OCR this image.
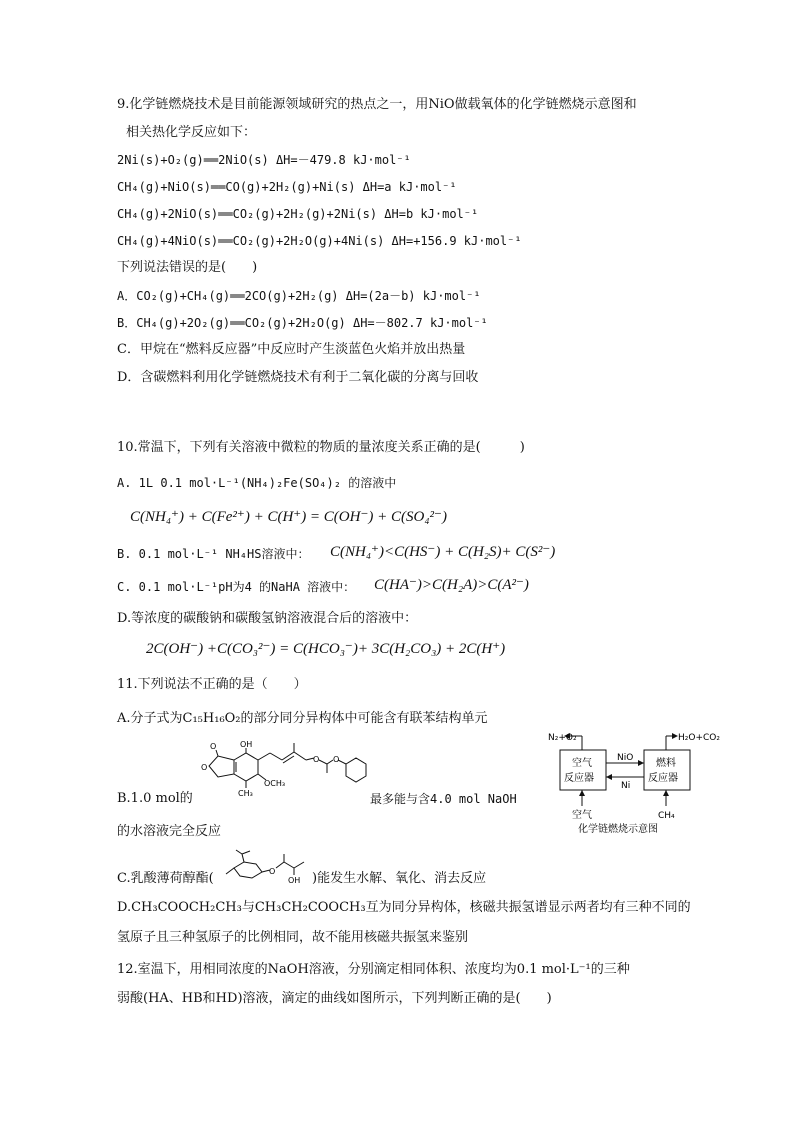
9.化学链燃烧技术是目前能源领域研究的热点之一，用NiO做载氧体的化学链燃烧示意图和
相关热化学反应如下：
2Ni(s)+O₂(g)══2NiO(s) ΔH=－479.8 kJ·mol⁻¹
CH₄(g)+NiO(s)══CO(g)+2H₂(g)+Ni(s) ΔH=a kJ·mol⁻¹
CH₄(g)+2NiO(s)══CO₂(g)+2H₂(g)+2Ni(s) ΔH=b kJ·mol⁻¹
CH₄(g)+4NiO(s)══CO₂(g)+2H₂O(g)+4Ni(s) ΔH=+156.9 kJ·mol⁻¹
下列说法错误的是(　　)
A．CO₂(g)+CH₄(g)══2CO(g)+2H₂(g) ΔH=(2a－b) kJ·mol⁻¹
B．CH₄(g)+2O₂(g)══CO₂(g)+2H₂O(g) ΔH=－802.7 kJ·mol⁻¹
C．甲烷在“燃料反应器”中反应时产生淡蓝色火焰并放出热量
D．含碳燃料利用化学链燃烧技术有利于二氧化碳的分离与回收
10.常温下，下列有关溶液中微粒的物质的量浓度关系正确的是(　　　)
A. 1L 0.1 mol·L⁻¹(NH₄)₂Fe(SO₄)₂ 的溶液中
C(NH₄⁺) + C(Fe²⁺) + C(H⁺) = C(OH⁻) + C(SO₄²⁻)
B. 0.1 mol·L⁻¹ NH₄HS溶液中： C(NH₄⁺)<C(HS⁻) + C(H₂S)+ C(S²⁻)
C. 0.1 mol·L⁻¹pH为4 的NaHA 溶液中： C(HA⁻)>C(H₂A)>C(A²⁻)
D.等浓度的碳酸钠和碳酸氢钠溶液混合后的溶液中：
2C(OH⁻) +C(CO₃²⁻) = C(HCO₃⁻)+ 3C(H₂CO₃) + 2C(H⁺)
11.下列说法不正确的是（　　）
A.分子式为C₁₅H₁₆O₂的部分同分异构体中可能含有联苯结构单元
B.1.0 mol的
O	OH
O
O O
OCH₃
CH₃	最多能与含4.0 mol NaOH
的水溶液完全反应
C.乳酸薄荷醇酯(	O
OH )能发生水解、氧化、消去反应
D.CH₃COOCH₂CH₃与CH₃CH₂COOCH₃互为同分异构体，核磁共振氢谱显示两者均有三种不同的
氢原子且三种氢原子的比例相同，故不能用核磁共振氢来鉴别
12.室温下，用相同浓度的NaOH溶液，分别滴定相同体积、浓度均为0.1 mol·L⁻¹的三种
弱酸(HA、HB和HD)溶液，滴定的曲线如图所示，下列判断正确的是(　　)
N₂+O₂	H₂O+CO₂
空气
反应器
燃料
反应器
NiO
Ni
空气	CH₄
化学链燃烧示意图
